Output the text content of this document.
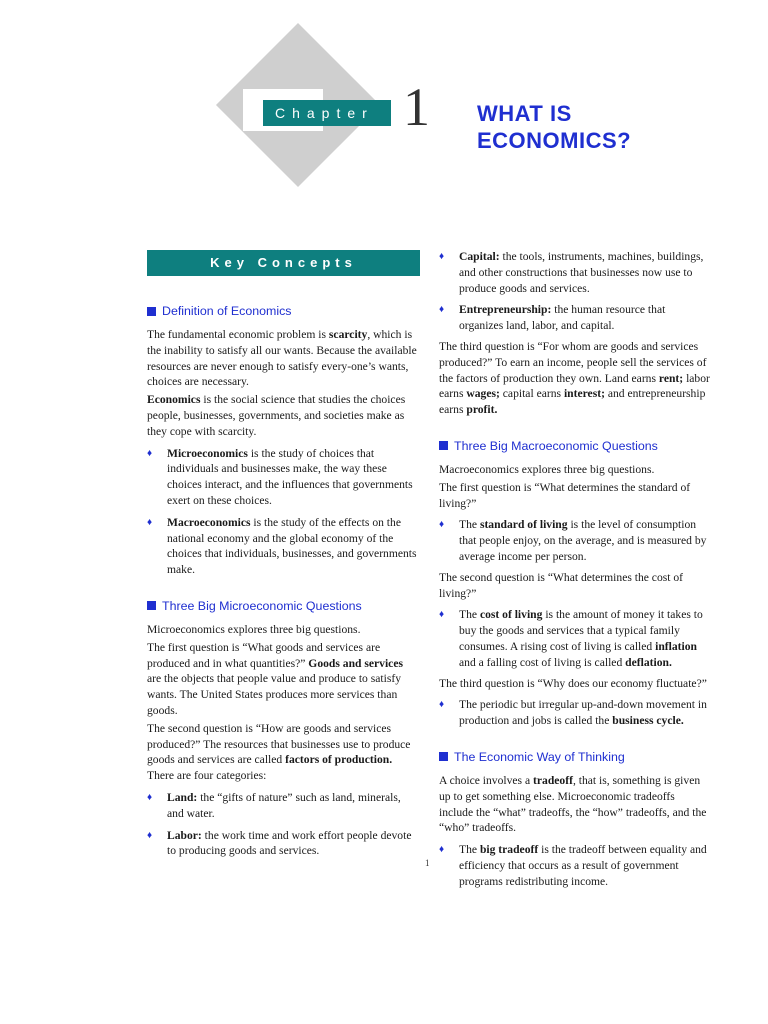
Chapter 1 WHAT IS
ECONOMICS?
Key Concepts
Definition of Economics

The fundamental economic problem is scarcity, which is the inability to satisfy all our wants. Because the available resources are never enough to satisfy every-one’s wants, choices are necessary.

Economics is the social science that studies the choices people, businesses, governments, and societies make as they cope with scarcity.

♦ Microeconomics is the study of choices that individuals and businesses make, the way these choices interact, and the influences that governments exert on these choices.
♦ Macroeconomics is the study of the effects on the national economy and the global economy of the choices that individuals, businesses, and governments make.
Three Big Microeconomic Questions

Microeconomics explores three big questions.

The first question is “What goods and services are produced and in what quantities?” Goods and services are the objects that people value and produce to satisfy wants. The United States produces more services than goods.

The second question is “How are goods and services produced?” The resources that businesses use to produce goods and services are called factors of production. There are four categories:

♦ Land: the “gifts of nature” such as land, minerals, and water.
♦ Labor: the work time and work effort people devote to producing goods and services.
♦ Capital: the tools, instruments, machines, buildings, and other constructions that businesses now use to produce goods and services.
♦ Entrepreneurship: the human resource that organizes land, labor, and capital.

The third question is “For whom are goods and services produced?” To earn an income, people sell the services of the factors of production they own. Land earns rent; labor earns wages; capital earns interest; and entrepreneurship earns profit.

Three Big Macroeconomic Questions

Macroeconomics explores three big questions.

The first question is “What determines the standard of living?”

♦ The standard of living is the level of consumption that people enjoy, on the average, and is measured by average income per person.

The second question is “What determines the cost of living?”

♦ The cost of living is the amount of money it takes to buy the goods and services that a typical family consumes. A rising cost of living is called inflation and a falling cost of living is called deflation.

The third question is “Why does our economy fluctuate?”

♦ The periodic but irregular up-and-down movement in production and jobs is called the business cycle.
The Economic Way of Thinking

A choice involves a tradeoff, that is, something is given up to get something else. Microeconomic tradeoffs include the “what” tradeoffs, the “how” tradeoffs, and the “who” tradeoffs.

♦ The big tradeoff is the tradeoff between equality and efficiency that occurs as a result of government programs redistributing income.
1
